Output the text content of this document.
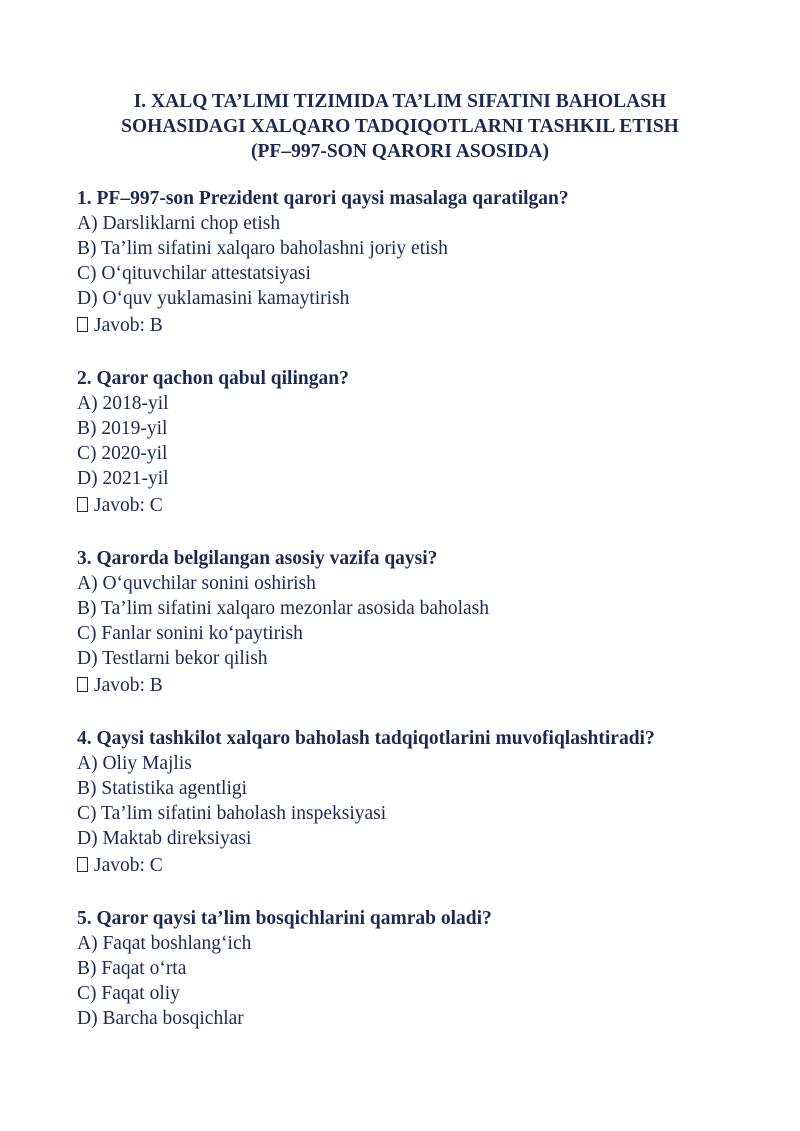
I. XALQ TA’LIMI TIZIMIDA TA’LIM SIFATINI BAHOLASH
SOHASIDAGI XALQARO TADQIQOTLARNI TASHKIL ETISH
(PF–997-SON QARORI ASOSIDA)

1. PF–997-son Prezident qarori qaysi masalaga qaratilgan?

A) Darsliklarni chop etish

B) Ta’lim sifatini xalqaro baholashni joriy etish

C) O‘qituvchilar attestatsiyasi

D) O‘quv yuklamasini kamaytirish

Javob: B

2. Qaror qachon qabul qilingan?

A) 2018-yil

B) 2019-yil

C) 2020-yil

D) 2021-yil

Javob: C

3. Qarorda belgilangan asosiy vazifa qaysi?

A) O‘quvchilar sonini oshirish

B) Ta’lim sifatini xalqaro mezonlar asosida baholash

C) Fanlar sonini ko‘paytirish

D) Testlarni bekor qilish

Javob: B

4. Qaysi tashkilot xalqaro baholash tadqiqotlarini muvofiqlashtiradi?

A) Oliy Majlis

B) Statistika agentligi

C) Ta’lim sifatini baholash inspeksiyasi

D) Maktab direksiyasi

Javob: C

5. Qaror qaysi ta’lim bosqichlarini qamrab oladi?

A) Faqat boshlang‘ich

B) Faqat o‘rta

C) Faqat oliy

D) Barcha bosqichlar
